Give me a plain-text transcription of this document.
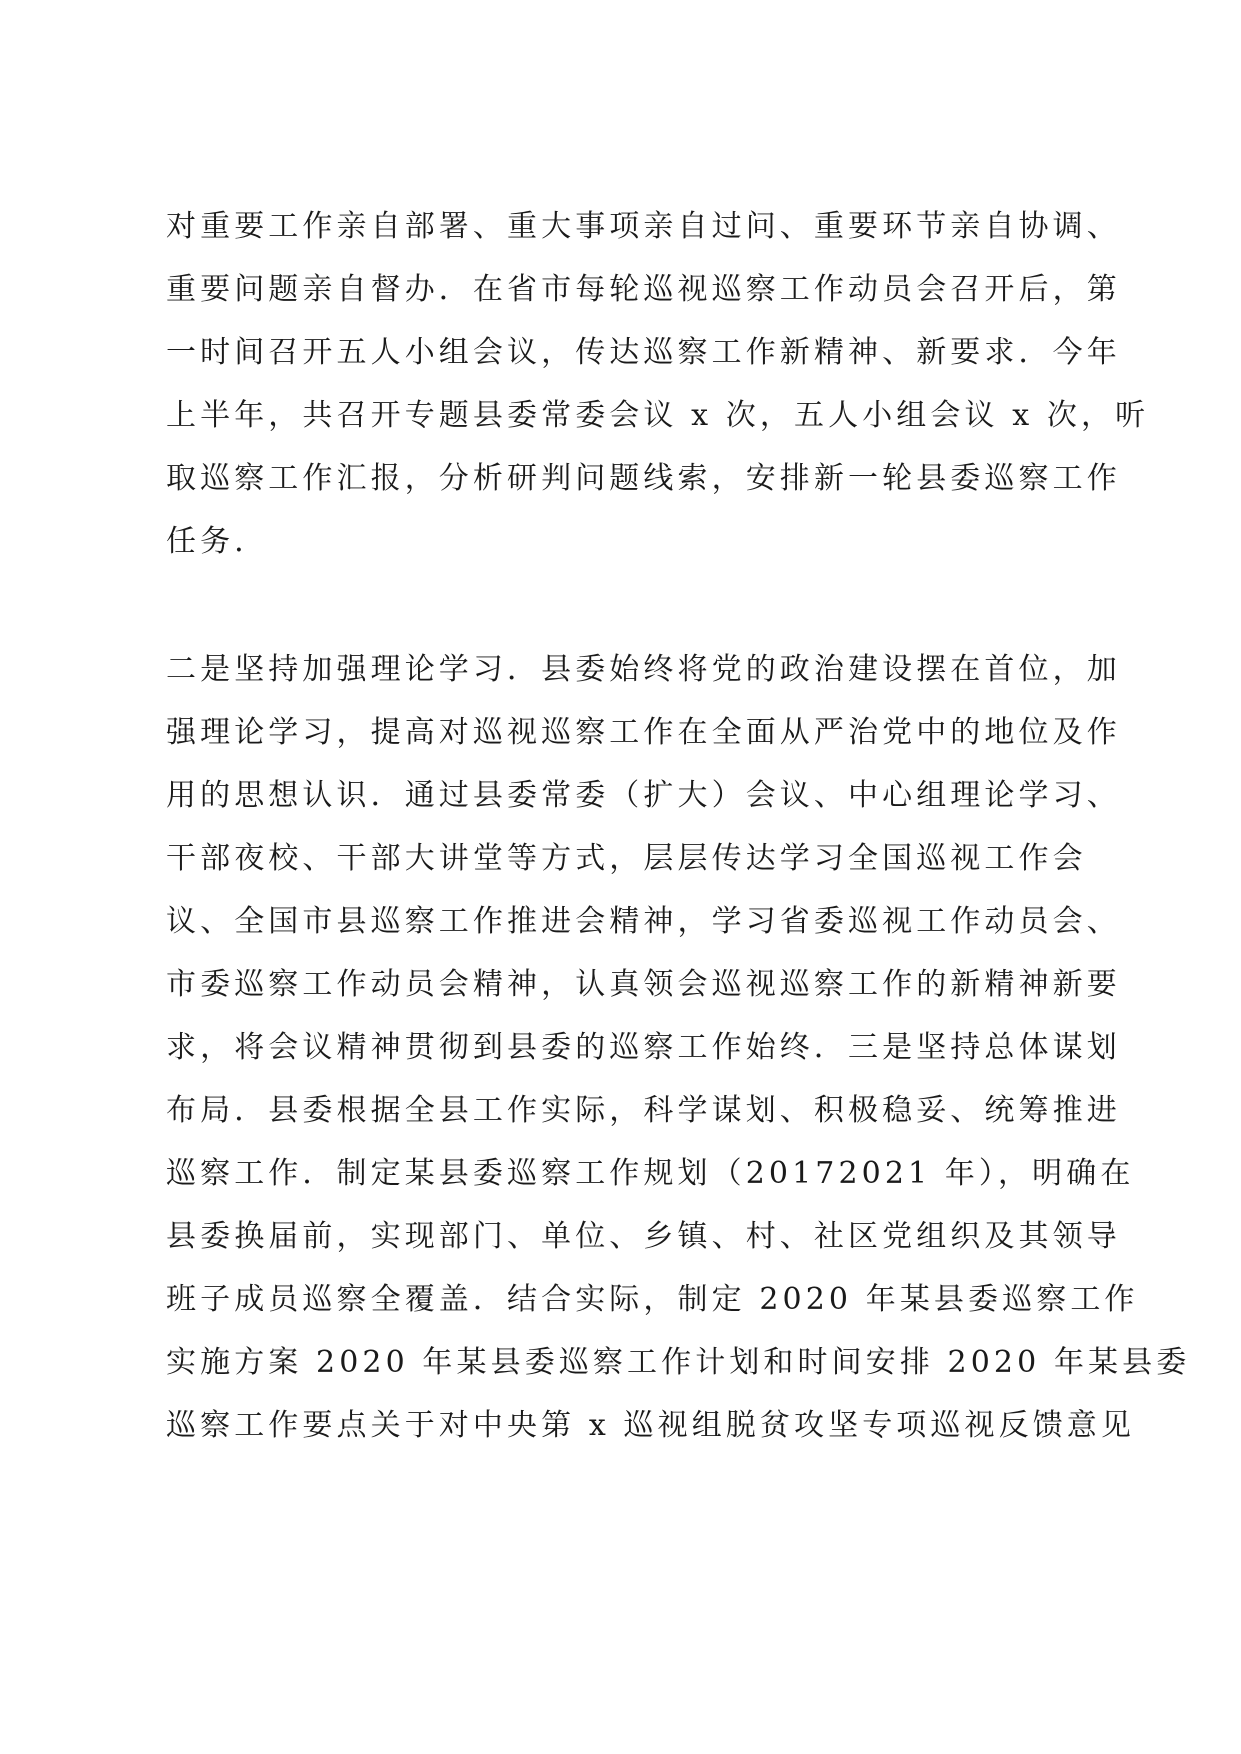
对重要工作亲自部署、重大事项亲自过问、重要环节亲自协调、
重要问题亲自督办．在省市每轮巡视巡察工作动员会召开后，第
一时间召开五人小组会议，传达巡察工作新精神、新要求．今年
上半年，共召开专题县委常委会议 x 次，五人小组会议 x 次，听
取巡察工作汇报，分析研判问题线索，安排新一轮县委巡察工作
任务．
二是坚持加强理论学习．县委始终将党的政治建设摆在首位，加
强理论学习，提高对巡视巡察工作在全面从严治党中的地位及作
用的思想认识．通过县委常委（扩大）会议、中心组理论学习、
干部夜校、干部大讲堂等方式，层层传达学习全国巡视工作会
议、全国市县巡察工作推进会精神，学习省委巡视工作动员会、
市委巡察工作动员会精神，认真领会巡视巡察工作的新精神新要
求，将会议精神贯彻到县委的巡察工作始终．三是坚持总体谋划
布局．县委根据全县工作实际，科学谋划、积极稳妥、统筹推进
巡察工作．制定某县委巡察工作规划（20172021 年），明确在
县委换届前，实现部门、单位、乡镇、村、社区党组织及其领导
班子成员巡察全覆盖．结合实际，制定 2020 年某县委巡察工作
实施方案 2020 年某县委巡察工作计划和时间安排 2020 年某县委
巡察工作要点关于对中央第 x 巡视组脱贫攻坚专项巡视反馈意见
